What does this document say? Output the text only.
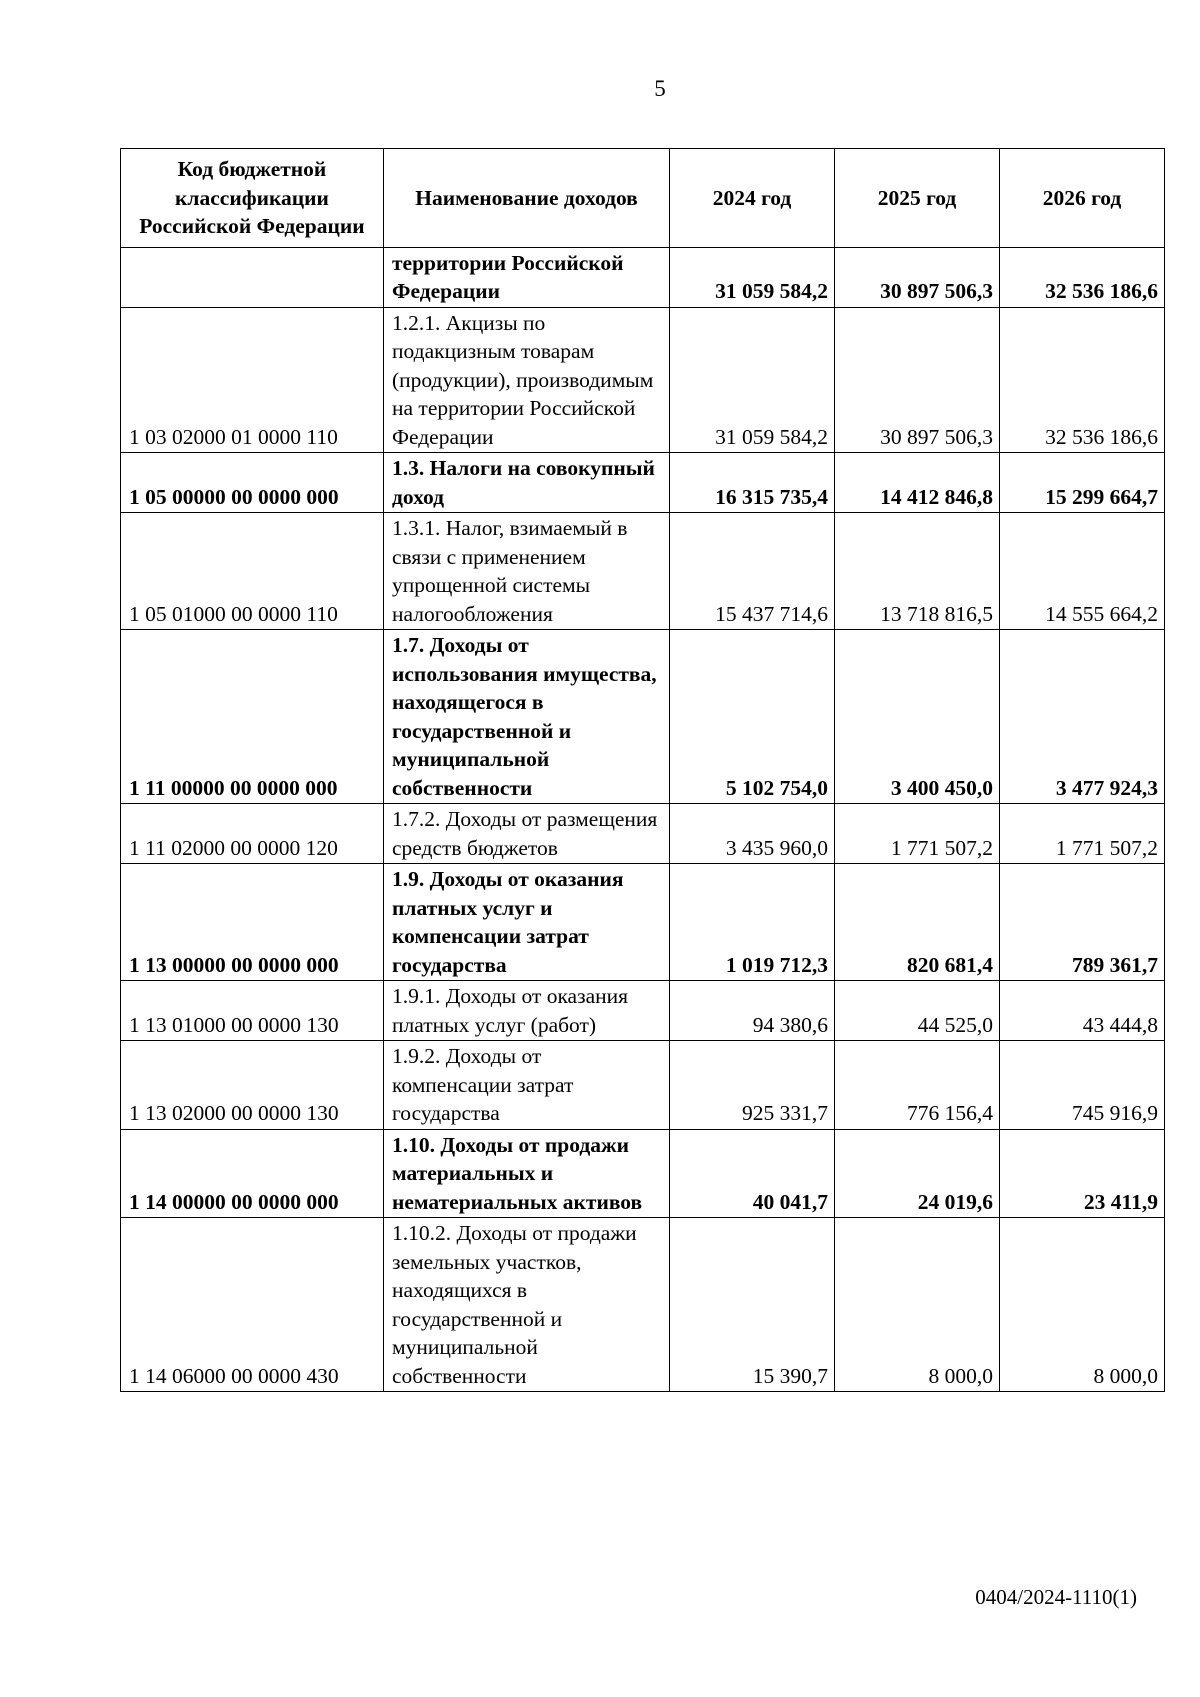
5
Код бюджетной классификации Российской Федерации	Наименование доходов	2024 год	2025 год	2026 год
	территории Российской Федерации	31 059 584,2	30 897 506,3	32 536 186,6
1 03 02000 01 0000 110	1.2.1. Акцизы по подакцизным товарам (продукции), производимым на территории Российской Федерации	31 059 584,2	30 897 506,3	32 536 186,6
1 05 00000 00 0000 000	1.3. Налоги на совокупный доход	16 315 735,4	14 412 846,8	15 299 664,7
1 05 01000 00 0000 110	1.3.1. Налог, взимаемый в связи с применением упрощенной системы налогообложения	15 437 714,6	13 718 816,5	14 555 664,2
1 11 00000 00 0000 000	1.7. Доходы от использования имущества, находящегося в государственной и муниципальной собственности	5 102 754,0	3 400 450,0	3 477 924,3
1 11 02000 00 0000 120	1.7.2. Доходы от размещения средств бюджетов	3 435 960,0	1 771 507,2	1 771 507,2
1 13 00000 00 0000 000	1.9. Доходы от оказания платных услуг и компенсации затрат государства	1 019 712,3	820 681,4	789 361,7
1 13 01000 00 0000 130	1.9.1. Доходы от оказания платных услуг (работ)	94 380,6	44 525,0	43 444,8
1 13 02000 00 0000 130	1.9.2. Доходы от компенсации затрат государства	925 331,7	776 156,4	745 916,9
1 14 00000 00 0000 000	1.10. Доходы от продажи материальных и нематериальных активов	40 041,7	24 019,6	23 411,9
1 14 06000 00 0000 430	1.10.2. Доходы от продажи земельных участков, находящихся в государственной и муниципальной собственности	15 390,7	8 000,0	8 000,0
0404/2024-1110(1)
